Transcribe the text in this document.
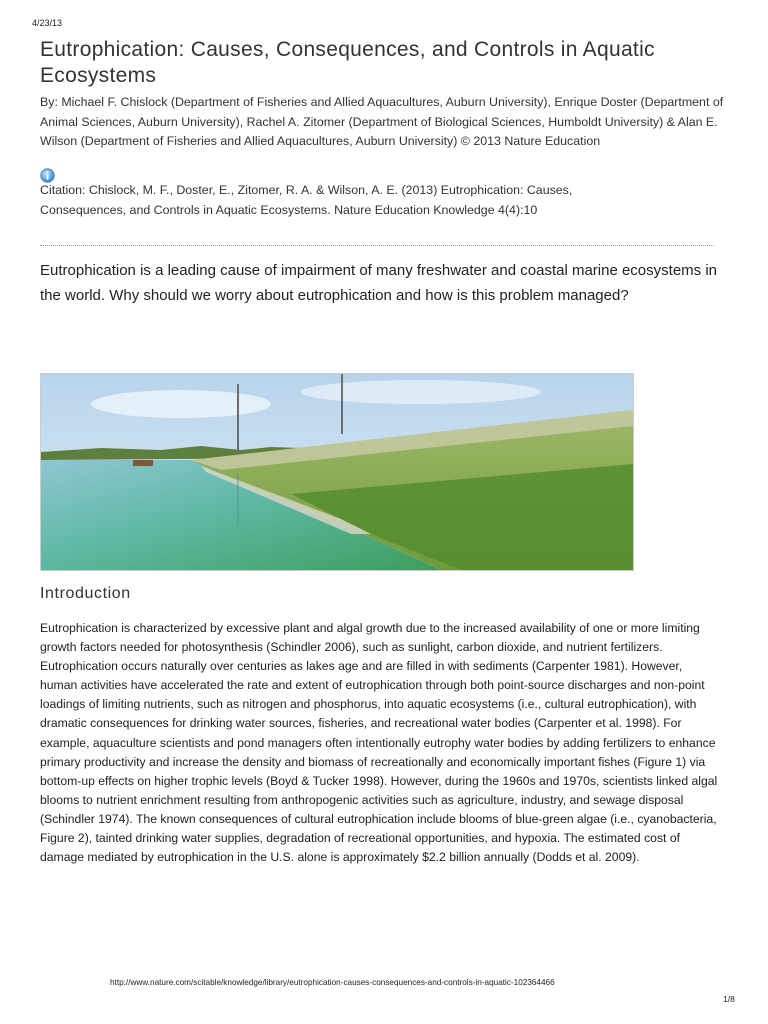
4/23/13
Eutrophication: Causes, Consequences, and Controls in Aquatic Ecosystems

By: Michael F. Chislock (Department of Fisheries and Allied Aquacultures, Auburn University), Enrique Doster (Department of Animal Sciences, Auburn University), Rachel A. Zitomer (Department of Biological Sciences, Humboldt University) & Alan E. Wilson (Department of Fisheries and Allied Aquacultures, Auburn University) © 2013 Nature Education

Citation: Chislock, M. F., Doster, E., Zitomer, R. A. & Wilson, A. E. (2013) Eutrophication: Causes, Consequences, and Controls in Aquatic Ecosystems. Nature Education Knowledge 4(4):10

Eutrophication is a leading cause of impairment of many freshwater and coastal marine ecosystems in the world. Why should we worry about eutrophication and how is this problem managed?

Introduction

Eutrophication is characterized by excessive plant and algal growth due to the increased availability of one or more limiting growth factors needed for photosynthesis (Schindler 2006), such as sunlight, carbon dioxide, and nutrient fertilizers. Eutrophication occurs naturally over centuries as lakes age and are filled in with sediments (Carpenter 1981). However, human activities have accelerated the rate and extent of eutrophication through both point-source discharges and non-point loadings of limiting nutrients, such as nitrogen and phosphorus, into aquatic ecosystems (i.e., cultural eutrophication), with dramatic consequences for drinking water sources, fisheries, and recreational water bodies (Carpenter et al. 1998). For example, aquaculture scientists and pond managers often intentionally eutrophy water bodies by adding fertilizers to enhance primary productivity and increase the density and biomass of recreationally and economically important fishes (Figure 1) via bottom-up effects on higher trophic levels (Boyd & Tucker 1998). However, during the 1960s and 1970s, scientists linked algal blooms to nutrient enrichment resulting from anthropogenic activities such as agriculture, industry, and sewage disposal (Schindler 1974). The known consequences of cultural eutrophication include blooms of blue-green algae (i.e., cyanobacteria, Figure 2), tainted drinking water supplies, degradation of recreational opportunities, and hypoxia. The estimated cost of damage mediated by eutrophication in the U.S. alone is approximately $2.2 billion annually (Dodds et al. 2009).

http://www.nature.com/scitable/knowledge/library/eutrophication-causes-consequences-and-controls-in-aquatic-102364466
1/8
